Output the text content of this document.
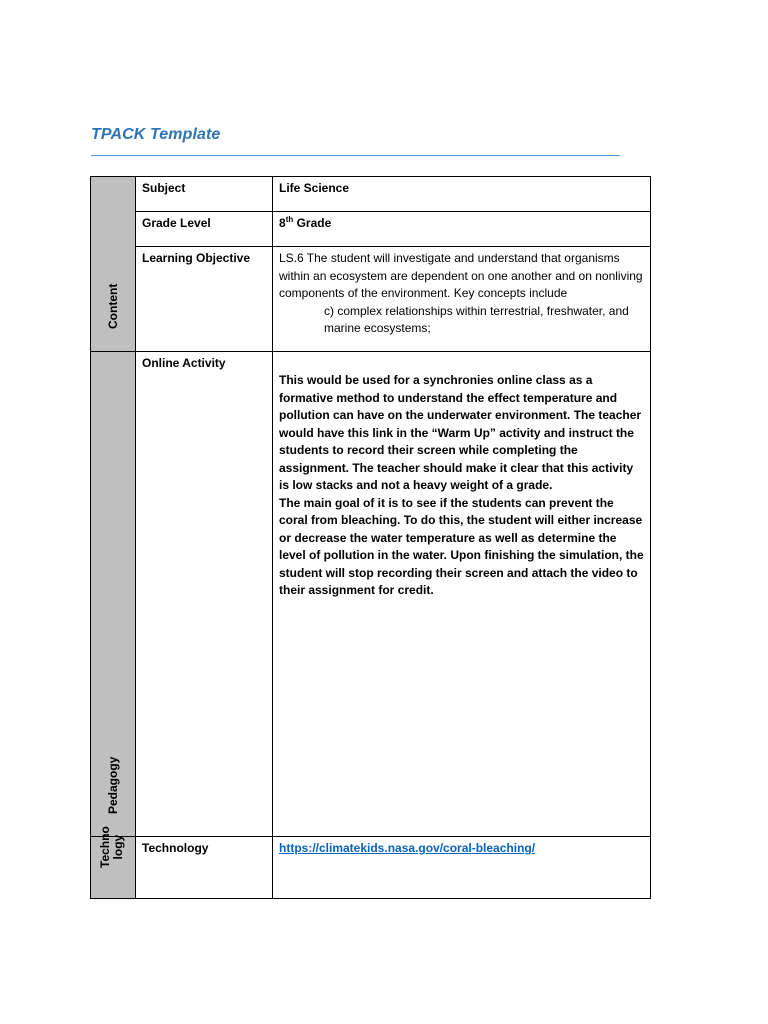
TPACK Template
Content	Subject	Life Science
	Grade Level	8th Grade
	Learning Objective	LS.6 The student will investigate and understand that organisms within an ecosystem are dependent on one another and on nonliving components of the environment. Key concepts include
c) complex relationships within terrestrial, freshwater, and marine ecosystems;

Pedagogy	Online Activity	This would be used for a synchronies online class as a formative method to understand the effect temperature and pollution can have on the underwater environment. The teacher would have this link in the “Warm Up” activity and instruct the students to record their screen while completing the assignment. The teacher should make it clear that this activity is low stacks and not a heavy weight of a grade.
The main goal of it is to see if the students can prevent the coral from bleaching. To do this, the student will either increase or decrease the water temperature as well as determine the level of pollution in the water. Upon finishing the simulation, the student will stop recording their screen and attach the video to their assignment for credit.

Techno logy	Technology	https://climatekids.nasa.gov/coral-bleaching/
